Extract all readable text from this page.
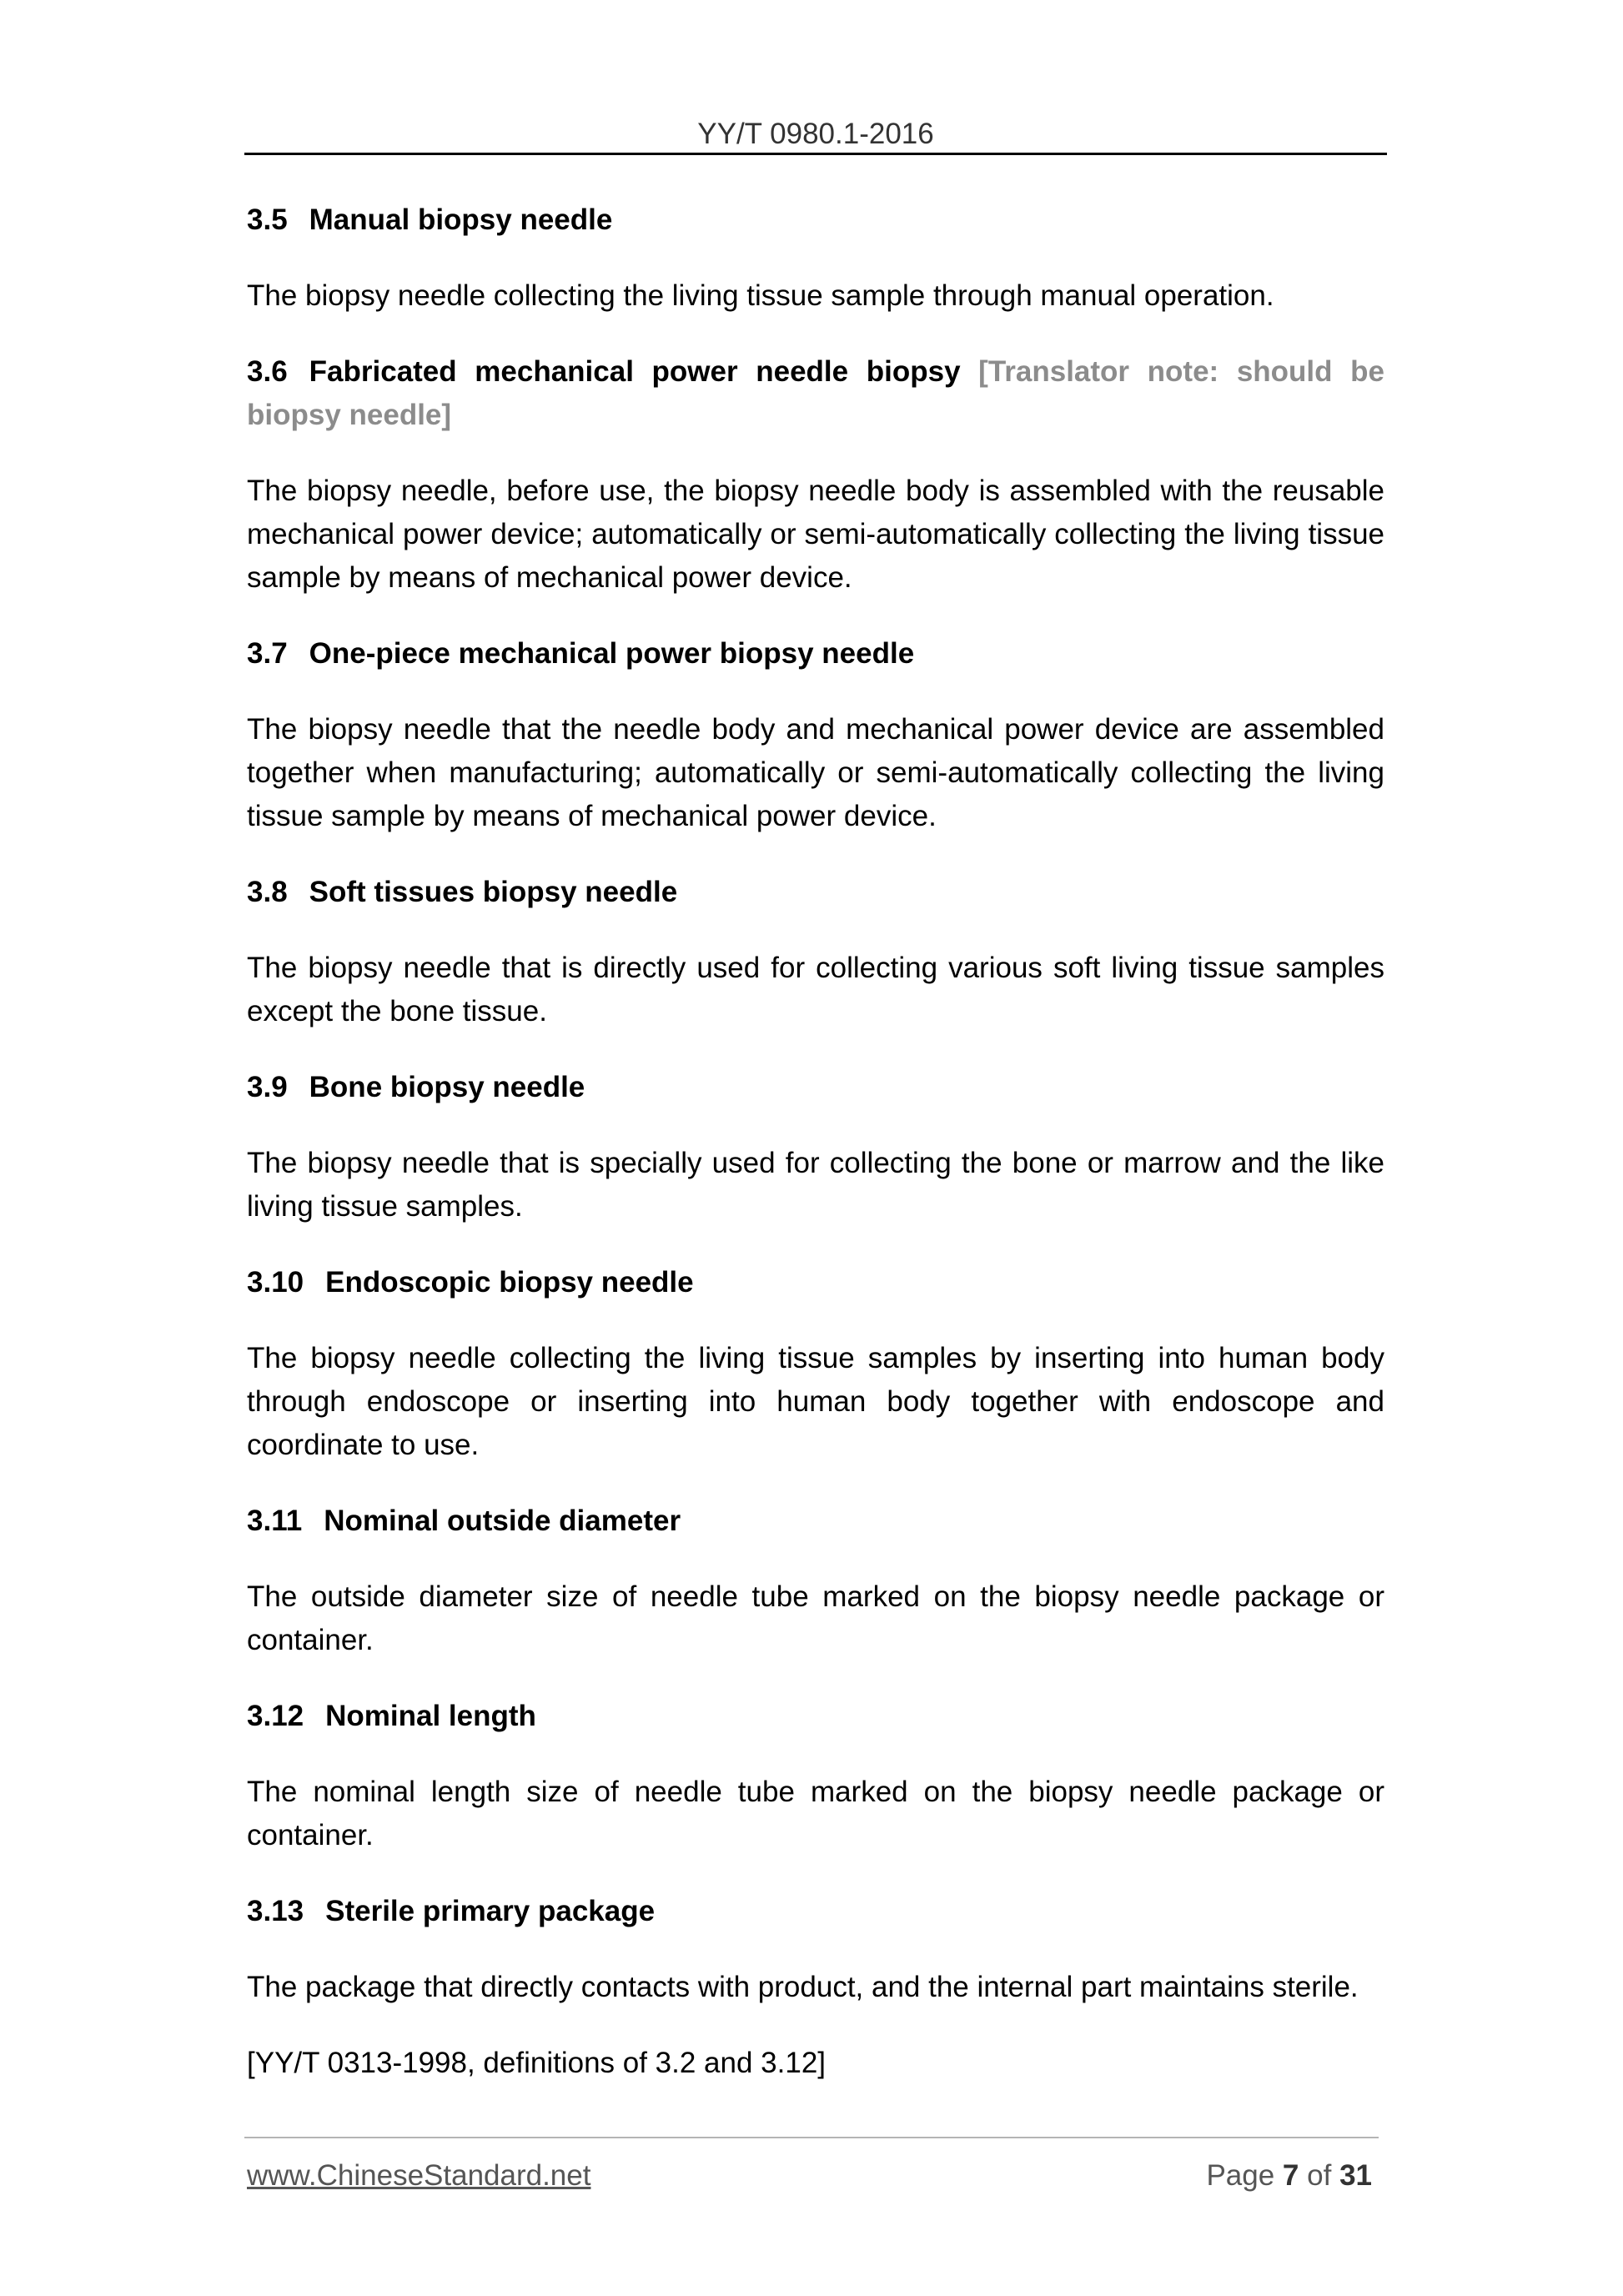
YY/T 0980.1-2016
3.5 Manual biopsy needle
The biopsy needle collecting the living tissue sample through manual operation.
3.6 Fabricated mechanical power needle biopsy [Translator note: should be biopsy needle]
The biopsy needle, before use, the biopsy needle body is assembled with the reusable mechanical power device; automatically or semi-automatically collecting the living tissue sample by means of mechanical power device.
3.7 One-piece mechanical power biopsy needle
The biopsy needle that the needle body and mechanical power device are assembled together when manufacturing; automatically or semi-automatically collecting the living tissue sample by means of mechanical power device.
3.8 Soft tissues biopsy needle
The biopsy needle that is directly used for collecting various soft living tissue samples except the bone tissue.
3.9 Bone biopsy needle
The biopsy needle that is specially used for collecting the bone or marrow and the like living tissue samples.
3.10 Endoscopic biopsy needle
The biopsy needle collecting the living tissue samples by inserting into human body through endoscope or inserting into human body together with endoscope and coordinate to use.
3.11 Nominal outside diameter
The outside diameter size of needle tube marked on the biopsy needle package or container.
3.12 Nominal length
The nominal length size of needle tube marked on the biopsy needle package or container.
3.13 Sterile primary package
The package that directly contacts with product, and the internal part maintains sterile.
[YY/T 0313-1998, definitions of 3.2 and 3.12]
www.ChineseStandard.net	Page 7 of 31
